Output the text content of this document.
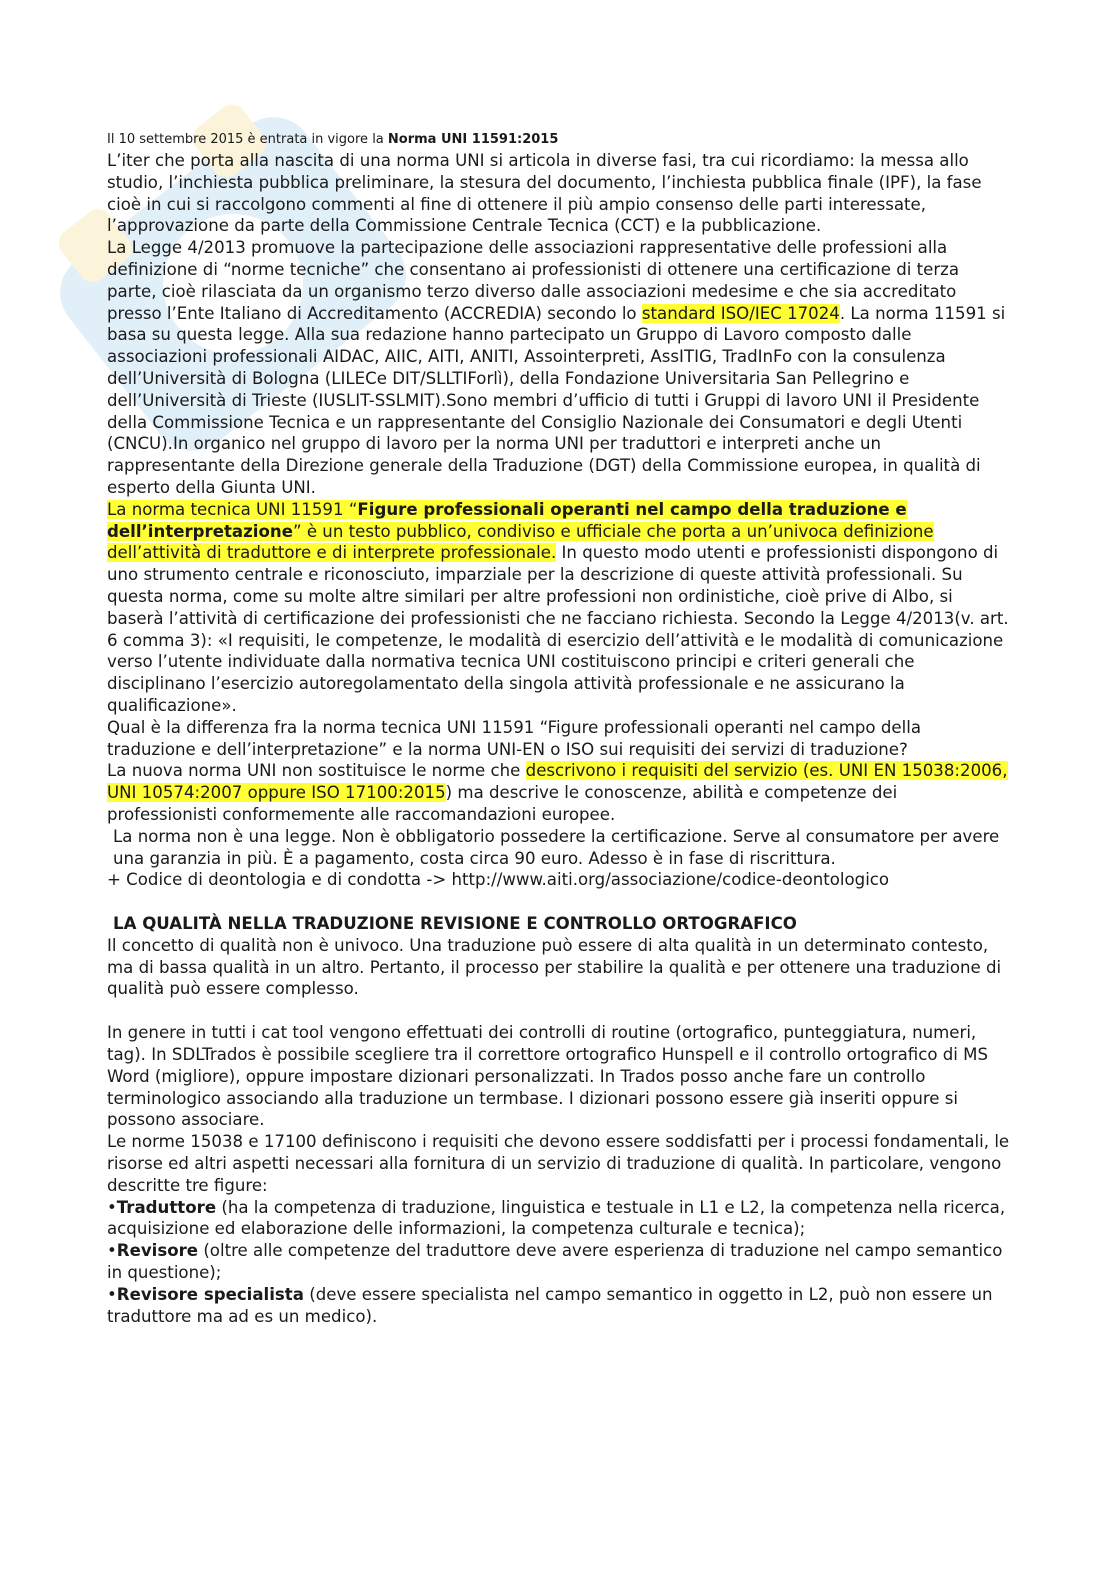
Il 10 settembre 2015 è entrata in vigore la Norma UNI 11591:2015

L’iter che porta alla nascita di una norma UNI si articola in diverse fasi, tra cui ricordiamo: la messa allo studio, l’inchiesta pubblica preliminare, la stesura del documento, l’inchiesta pubblica finale (IPF), la fase cioè in cui si raccolgono commenti al fine di ottenere il più ampio consenso delle parti interessate, l’approvazione da parte della Commissione Centrale Tecnica (CCT) e la pubblicazione.

La Legge 4/2013 promuove la partecipazione delle associazioni rappresentative delle professioni alla definizione di “norme tecniche” che consentano ai professionisti di ottenere una certificazione di terza parte, cioè rilasciata da un organismo terzo diverso dalle associazioni medesime e che sia accreditato presso l’Ente Italiano di Accreditamento (ACCREDIA) secondo lo standard ISO/IEC 17024. La norma 11591 si basa su questa legge. Alla sua redazione hanno partecipato un Gruppo di Lavoro composto dalle associazioni professionali AIDAC, AIIC, AITI, ANITI, Assointerpreti, AssITIG, TradInFo con la consulenza dell’Università di Bologna (LILECe DIT/SLLTIForlì), della Fondazione Universitaria San Pellegrino e dell’Università di Trieste (IUSLIT-SSLMIT).Sono membri d’ufficio di tutti i Gruppi di lavoro UNI il Presidente della Commissione Tecnica e un rappresentante del Consiglio Nazionale dei Consumatori e degli Utenti (CNCU).In organico nel gruppo di lavoro per la norma UNI per traduttori e interpreti anche un rappresentante della Direzione generale della Traduzione (DGT) della Commissione europea, in qualità di esperto della Giunta UNI.

La norma tecnica UNI 11591 “Figure professionali operanti nel campo della traduzione e dell’interpretazione” è un testo pubblico, condiviso e ufficiale che porta a un’univoca definizione dell’attività di traduttore e di interprete professionale. In questo modo utenti e professionisti dispongono di uno strumento centrale e riconosciuto, imparziale per la descrizione di queste attività professionali. Su questa norma, come su molte altre similari per altre professioni non ordinistiche, cioè prive di Albo, si baserà l’attività di certificazione dei professionisti che ne facciano richiesta. Secondo la Legge 4/2013(v. art. 6 comma 3): «I requisiti, le competenze, le modalità di esercizio dell’attività e le modalità di comunicazione verso l’utente individuate dalla normativa tecnica UNI costituiscono principi e criteri generali che disciplinano l’esercizio autoregolamentato della singola attività professionale e ne assicurano la qualificazione».

Qual è la differenza fra la norma tecnica UNI 11591 “Figure professionali operanti nel campo della traduzione e dell’interpretazione” e la norma UNI-EN o ISO sui requisiti dei servizi di traduzione?

La nuova norma UNI non sostituisce le norme che descrivono i requisiti del servizio (es. UNI EN 15038:2006, UNI 10574:2007 oppure ISO 17100:2015) ma descrive le conoscenze, abilità e competenze dei professionisti conformemente alle raccomandazioni europee.

La norma non è una legge. Non è obbligatorio possedere la certificazione. Serve al consumatore per avere una garanzia in più. È a pagamento, costa circa 90 euro. Adesso è in fase di riscrittura.

+ Codice di deontologia e di condotta -> http://www.aiti.org/associazione/codice-deontologico

LA QUALITÀ NELLA TRADUZIONE REVISIONE E CONTROLLO ORTOGRAFICO

Il concetto di qualità non è univoco. Una traduzione può essere di alta qualità in un determinato contesto, ma di bassa qualità in un altro. Pertanto, il processo per stabilire la qualità e per ottenere una traduzione di qualità può essere complesso.

In genere in tutti i cat tool vengono effettuati dei controlli di routine (ortografico, punteggiatura, numeri, tag). In SDLTrados è possibile scegliere tra il correttore ortografico Hunspell e il controllo ortografico di MS Word (migliore), oppure impostare dizionari personalizzati. In Trados posso anche fare un controllo terminologico associando alla traduzione un termbase. I dizionari possono essere già inseriti oppure si possono associare.

Le norme 15038 e 17100 definiscono i requisiti che devono essere soddisfatti per i processi fondamentali, le risorse ed altri aspetti necessari alla fornitura di un servizio di traduzione di qualità. In particolare, vengono descritte tre figure:

•Traduttore (ha la competenza di traduzione, linguistica e testuale in L1 e L2, la competenza nella ricerca, acquisizione ed elaborazione delle informazioni, la competenza culturale e tecnica);

•Revisore (oltre alle competenze del traduttore deve avere esperienza di traduzione nel campo semantico in questione);

•Revisore specialista (deve essere specialista nel campo semantico in oggetto in L2, può non essere un traduttore ma ad es un medico).
